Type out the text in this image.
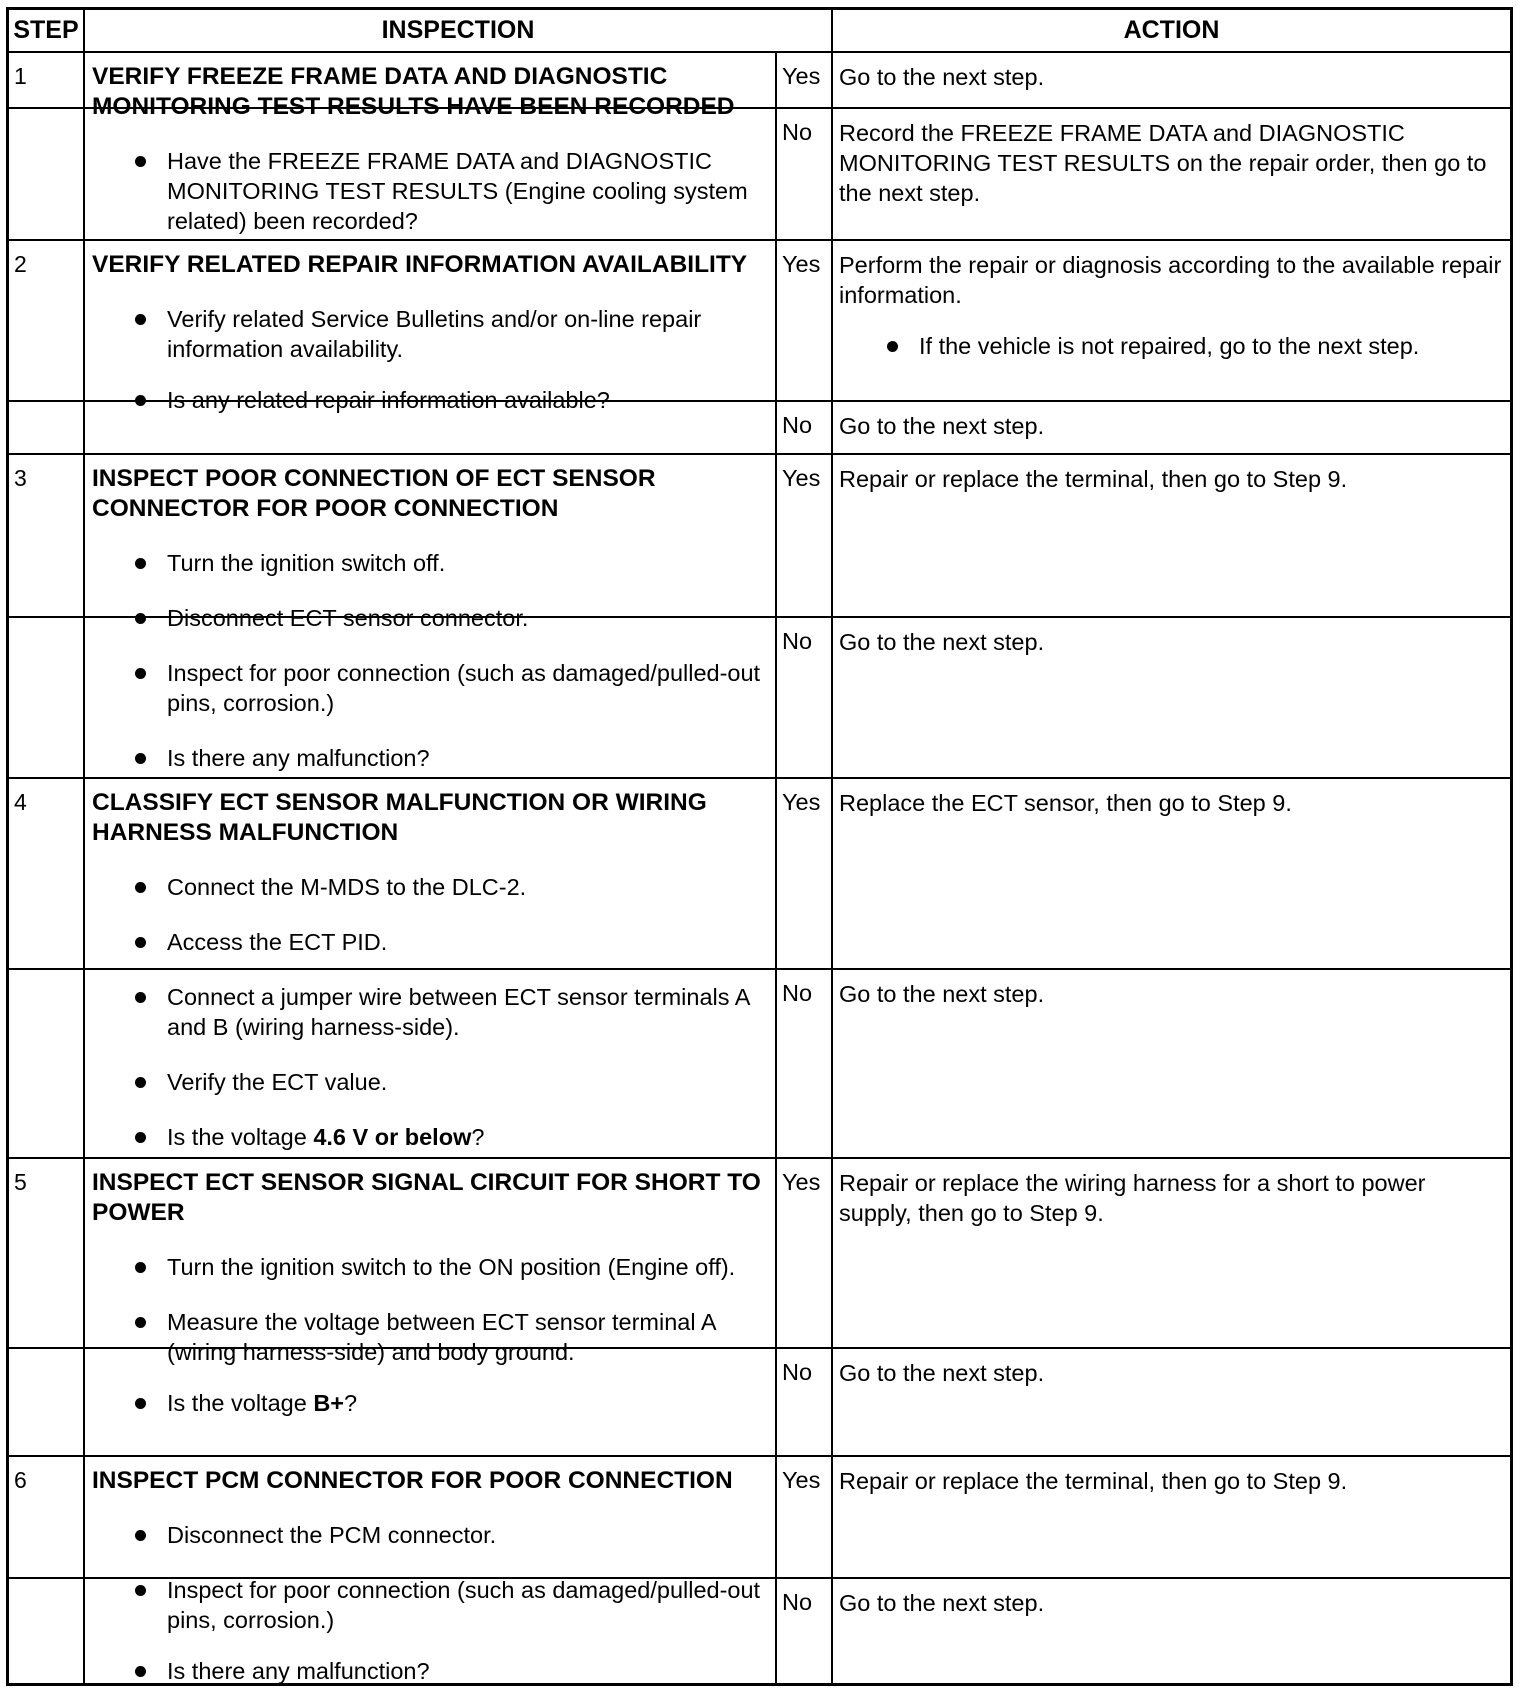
STEP	INSPECTION	ACTION
1	VERIFY FREEZE FRAME DATA AND DIAGNOSTIC MONITORING TEST RESULTS HAVE BEEN RECORDED
Have the FREEZE FRAME DATA and DIAGNOSTIC MONITORING TEST RESULTS (Engine cooling system related) been recorded?
Yes Go to the next step.
No	Record the FREEZE FRAME DATA and DIAGNOSTIC MONITORING TEST RESULTS on the repair order, then go to the next step.
2	VERIFY RELATED REPAIR INFORMATION AVAILABILITY
Verify related Service Bulletins and/or on-line repair information availability.
Is any related repair information available?
Yes Perform the repair or diagnosis according to the available repair information.
If the vehicle is not repaired, go to the next step.
No	Go to the next step.
3	INSPECT POOR CONNECTION OF ECT SENSOR CONNECTOR FOR POOR CONNECTION
Turn the ignition switch off.
Disconnect ECT sensor connector.
Inspect for poor connection (such as damaged/pulled-out pins, corrosion.)
Is there any malfunction?
Yes Repair or replace the terminal, then go to Step 9.
No	Go to the next step.
4	CLASSIFY ECT SENSOR MALFUNCTION OR WIRING HARNESS MALFUNCTION
Connect the M-MDS to the DLC-2.
Access the ECT PID.
Connect a jumper wire between ECT sensor terminals A and B (wiring harness-side).
Verify the ECT value.
Is the voltage 4.6 V or below?
Yes Replace the ECT sensor, then go to Step 9.
No	Go to the next step.
5	INSPECT ECT SENSOR SIGNAL CIRCUIT FOR SHORT TO POWER
Turn the ignition switch to the ON position (Engine off).
Measure the voltage between ECT sensor terminal A (wiring harness-side) and body ground.
Is the voltage B+?
Yes Repair or replace the wiring harness for a short to power supply, then go to Step 9.
No	Go to the next step.
6	INSPECT PCM CONNECTOR FOR POOR CONNECTION
Disconnect the PCM connector.
Inspect for poor connection (such as damaged/pulled-out pins, corrosion.)
Is there any malfunction?
Yes Repair or replace the terminal, then go to Step 9.
No	Go to the next step.
